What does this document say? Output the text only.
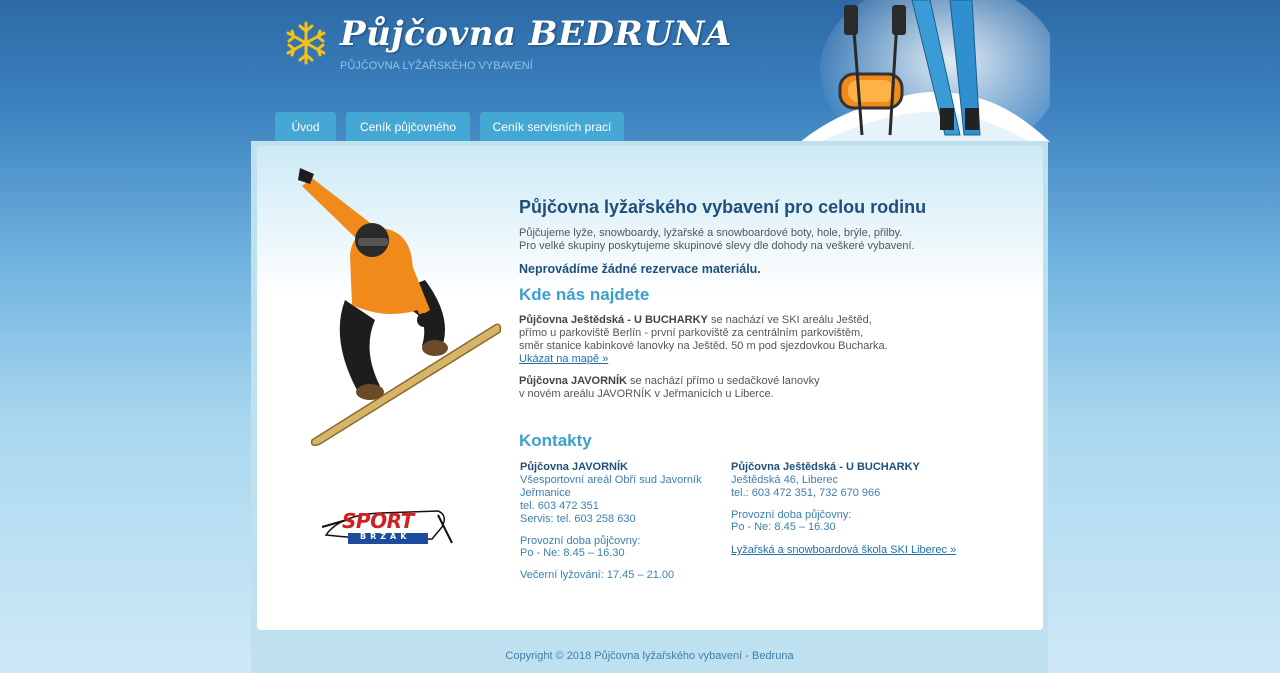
Půjčovna BEDRUNA
PŮJČOVNA LYŽAŘSKÉHO VYBAVENÍ
Úvod	Ceník půjčovného	Ceník servisních prací
SPORT
BRZÁK
Půjčovna lyžařského vybavení pro celou rodinu

Půjčujeme lyže, snowboardy, lyžařské a snowboardové boty, hole, brýle, přilby.

Pro velké skupiny poskytujeme skupinové slevy dle dohody na veškeré vybavení.

Neprovádíme žádné rezervace materiálu.

Kde nás najdete

Půjčovna Ještědská - U BUCHARKY se nachází ve SKI areálu Ještěd,

přímo u parkoviště Berlín - první parkoviště za centrálním parkovištěm,

směr stanice kabinkové lanovky na Ještěd. 50 m pod sjezdovkou Bucharka.

Ukázat na mapě »

Půjčovna JAVORNÍK se nachází přímo u sedačkové lanovky

v novém areálu JAVORNÍK v Jeřmanicích u Liberce.

Kontakty

Půjčovna JAVORNÍK

Všesportovní areál Obří sud Javorník

Jeřmanice

tel. 603 472 351

Servis: tel. 603 258 630

Provozní doba půjčovny:

Po - Ne: 8.45 – 16.30

Večerní lyžování: 17.45 – 21.00

Půjčovna Ještědská - U BUCHARKY

Ještědská 46, Liberec

tel.: 603 472 351, 732 670 966

Provozní doba půjčovny:

Po - Ne: 8.45 – 16.30

Lyžařská a snowboardová škola SKI Liberec »
Copyright © 2018 Půjčovna lyžařského vybavení - Bedruna
